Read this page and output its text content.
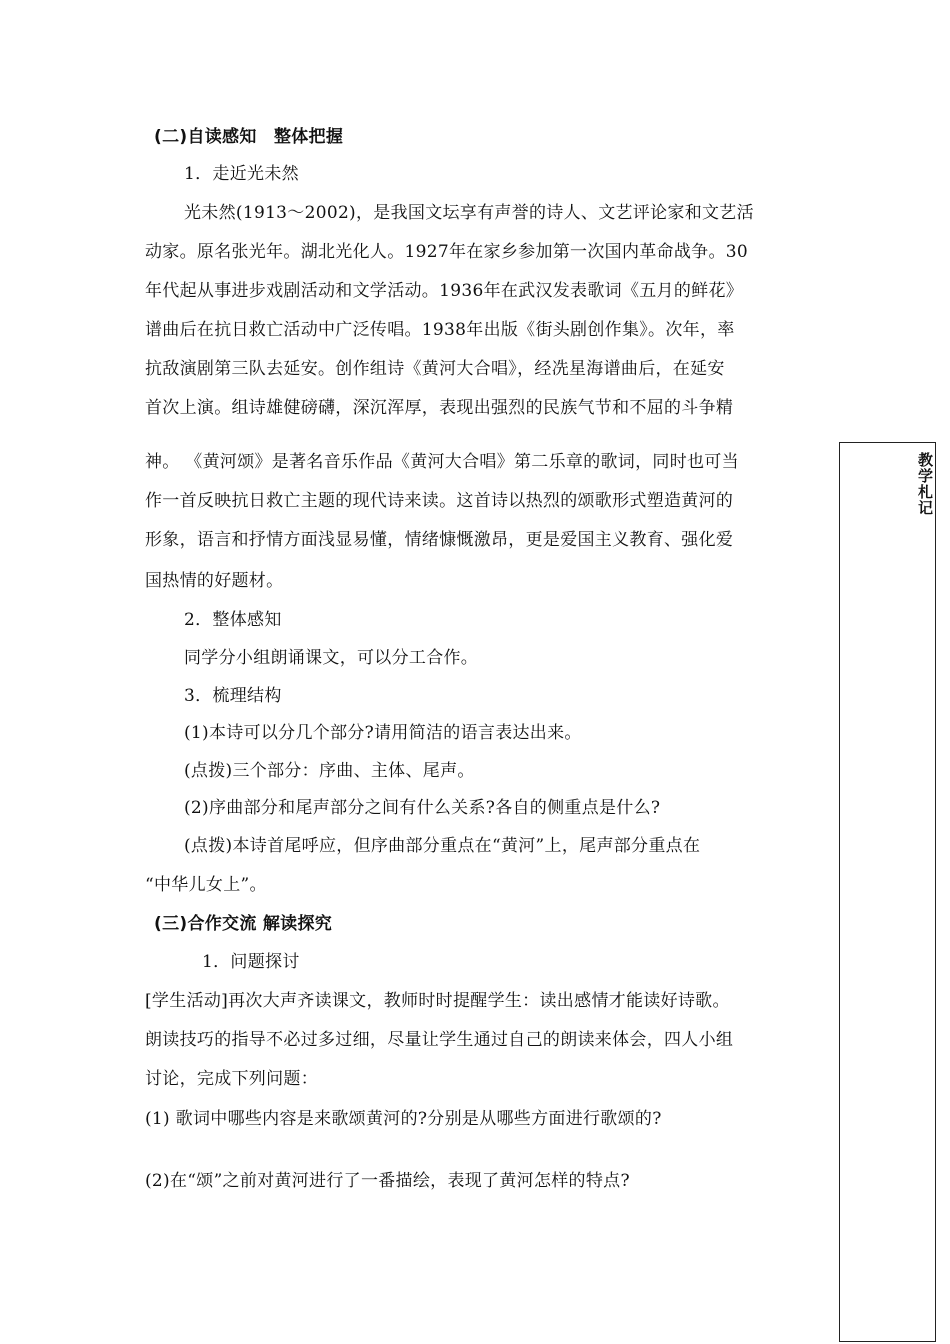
(二)自读感知　整体把握
1．走近光未然
光未然(1913～2002)，是我国文坛享有声誉的诗人、文艺评论家和文艺活
动家。原名张光年。湖北光化人。1927年在家乡参加第一次国内革命战争。30
年代起从事进步戏剧活动和文学活动。1936年在武汉发表歌词《五月的鲜花》
谱曲后在抗日救亡活动中广泛传唱。1938年出版《街头剧创作集》。次年，率
抗敌演剧第三队去延安。创作组诗《黄河大合唱》，经冼星海谱曲后，在延安
首次上演。组诗雄健磅礴，深沉浑厚，表现出强烈的民族气节和不屈的斗争精
神。 《黄河颂》是著名音乐作品《黄河大合唱》第二乐章的歌词，同时也可当
作一首反映抗日救亡主题的现代诗来读。这首诗以热烈的颂歌形式塑造黄河的
形象，语言和抒情方面浅显易懂，情绪慷慨激昂，更是爱国主义教育、强化爱
国热情的好题材。
2．整体感知
同学分小组朗诵课文，可以分工合作。
3．梳理结构
(1)本诗可以分几个部分?请用简洁的语言表达出来。
(点拨)三个部分：序曲、主体、尾声。
(2)序曲部分和尾声部分之间有什么关系?各自的侧重点是什么?
(点拨)本诗首尾呼应，但序曲部分重点在“黄河”上，尾声部分重点在
“中华儿女上”。
(三)合作交流 解读探究
1．问题探讨
[学生活动]再次大声齐读课文，教师时时提醒学生：读出感情才能读好诗歌。
朗读技巧的指导不必过多过细，尽量让学生通过自己的朗读来体会，四人小组
讨论，完成下列问题：
(1) 歌词中哪些内容是来歌颂黄河的?分别是从哪些方面进行歌颂的?
(2)在“颂”之前对黄河进行了一番描绘，表现了黄河怎样的特点?
教学札记
